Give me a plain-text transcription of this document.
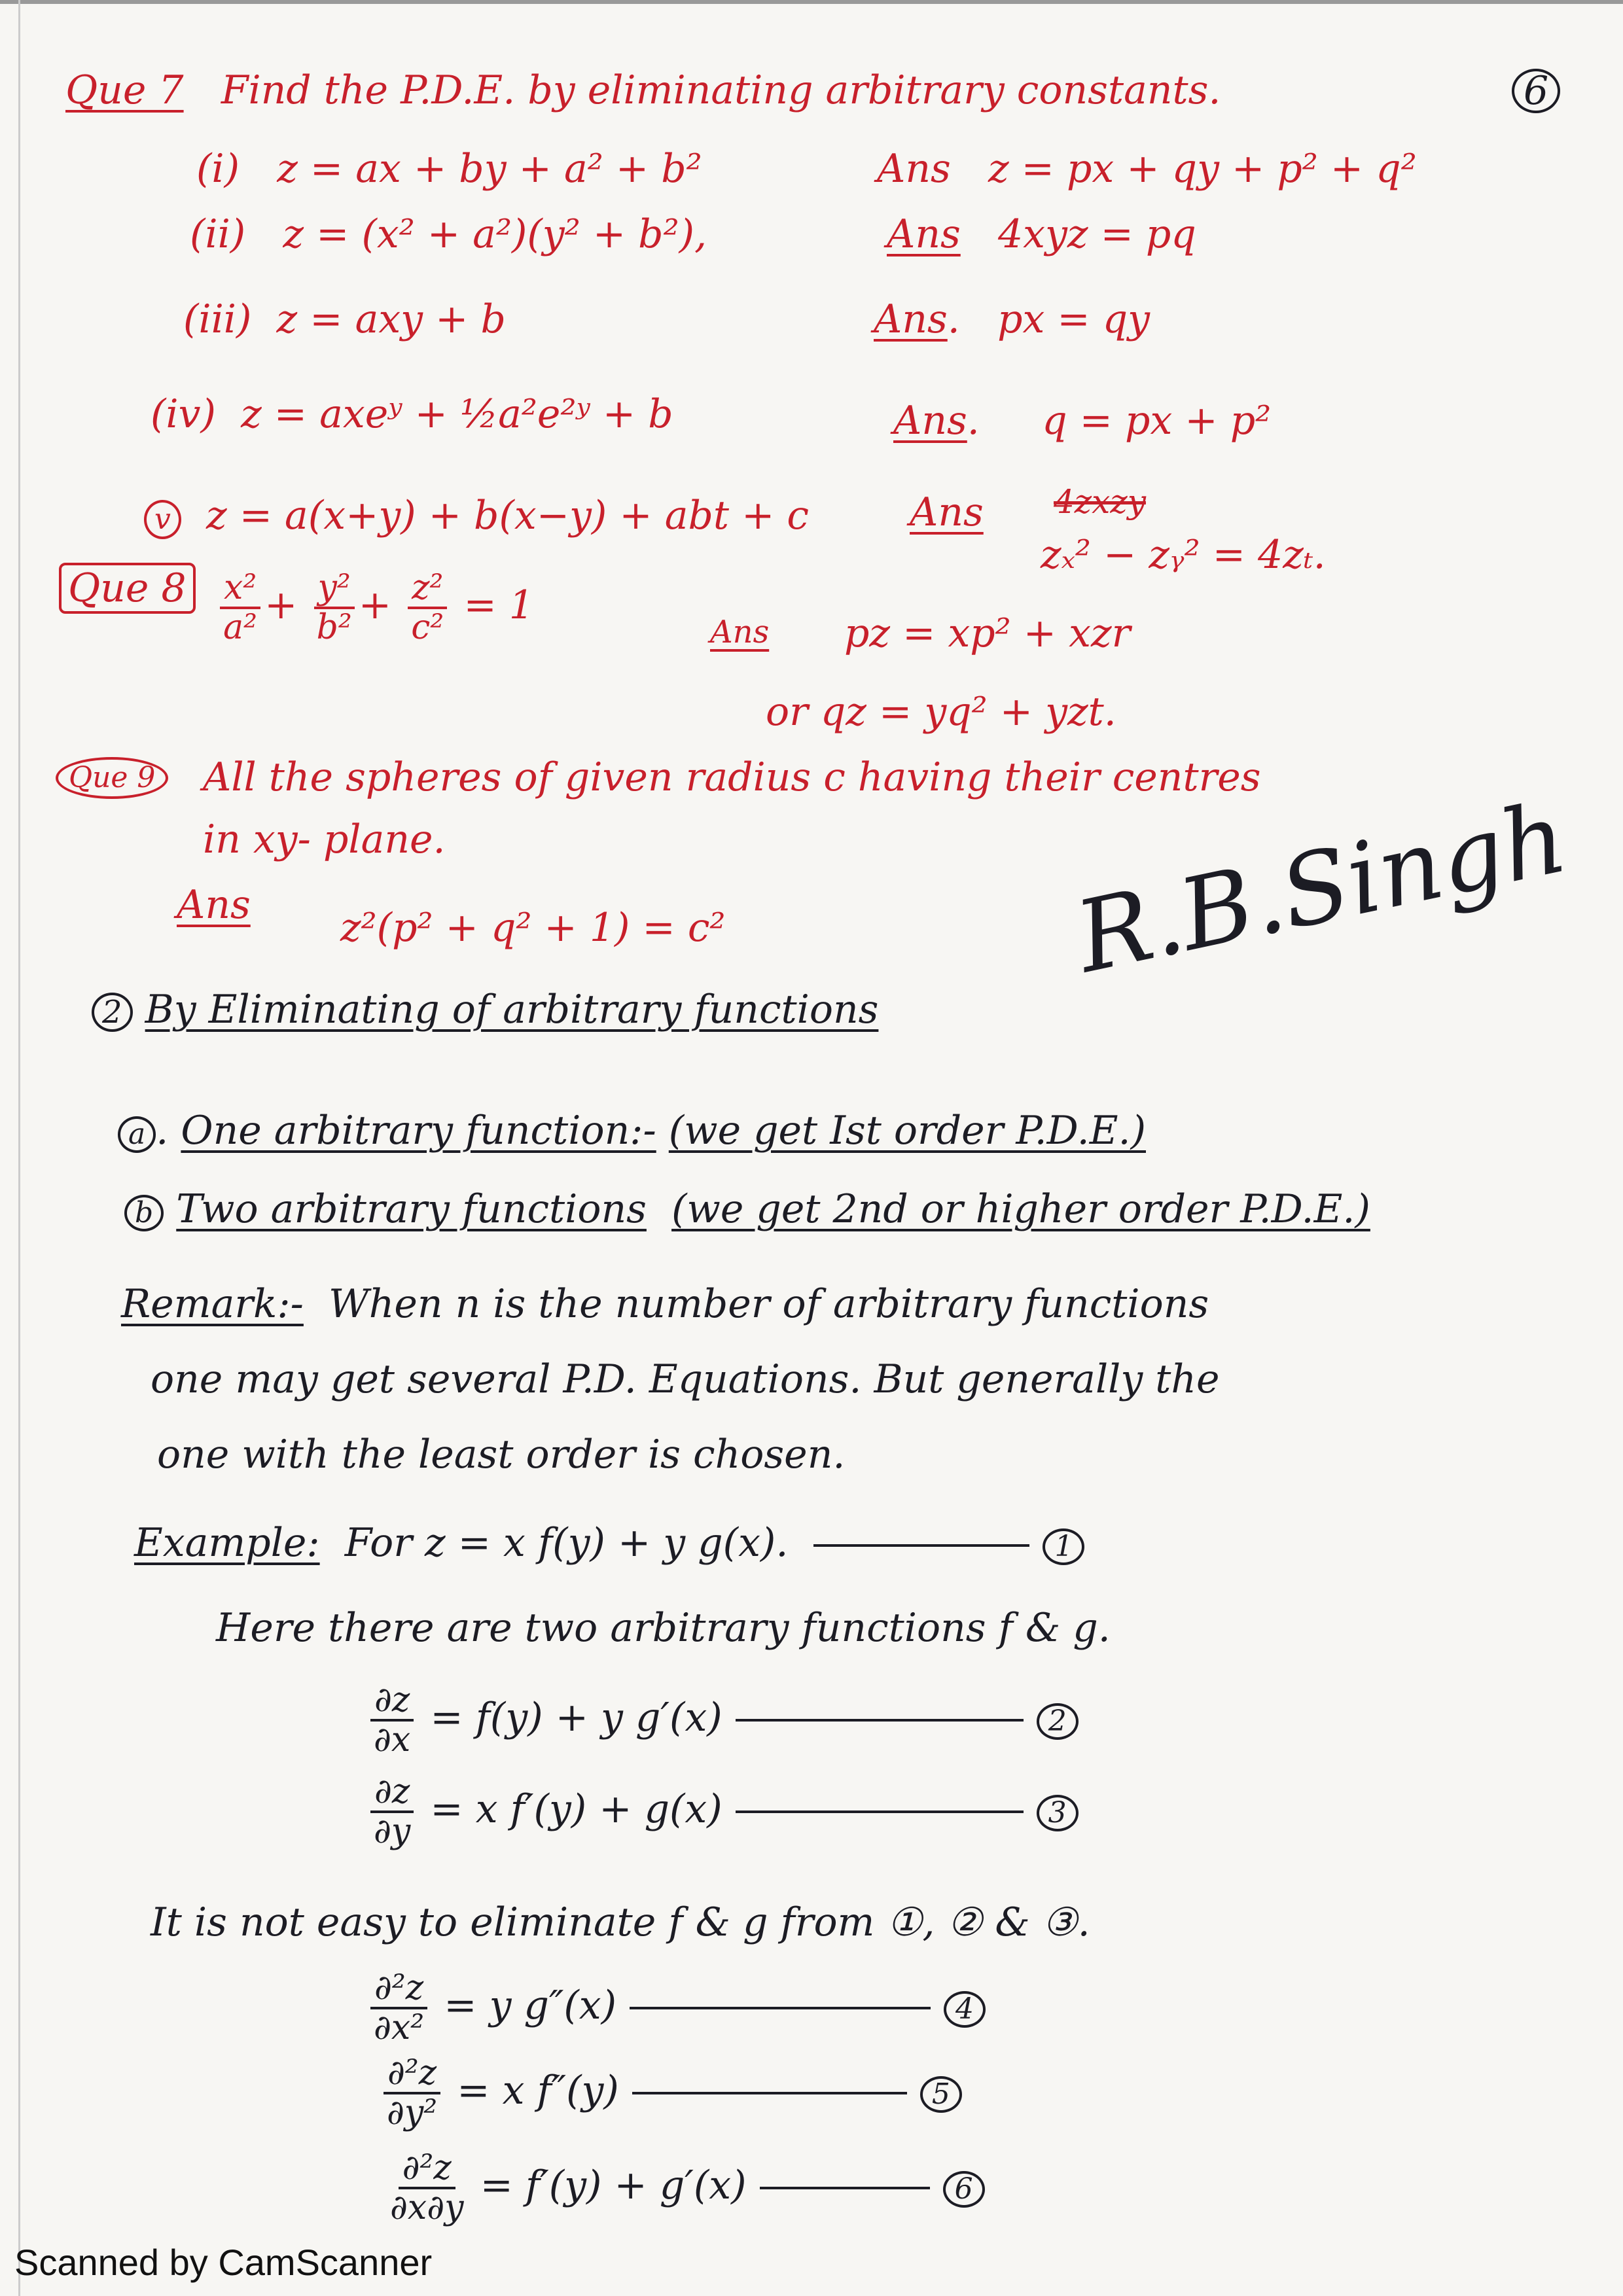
Que 7 Find the P.D.E. by eliminating arbitrary constants.	6
(i) z = ax + by + a² + b²	Ans z = px + qy + p² + q²
(ii) z = (x² + a²)(y² + b²),	Ans 4xyz = pq
(iii) z = axy + b	Ans.   px = qy
(iv) z = axeʸ + ½a²e²ʸ + b	Ans.     q = px + p²
v z = a(x+y) + b(x−y) + abt + c	Ans 4zxzy
zₓ² − zᵧ² = 4zₜ.
Que $8 \frac{\text{x²}}{\text{a²}} + \frac{\text{y²}}{\text{b²}} + \frac{\text{z²}}{\text{c²}} = 1$
Ans pz = xp² + xzr
or qz = yq² + yzt.
Que 9	All the spheres of given radius c having their centres
in xy- plane.
Ans z²(p² + q² + 1) = c²	R.B.Singh
2 By Eliminating of arbitrary functions
a . One arbitrary function:- (we get Ist order P.D.E.)
b Two arbitrary functions (we get 2nd or higher order P.D.E.)
Remark:- When n is the number of arbitrary functions
one may get several P.D. Equations. But generally the
one with the least order is chosen.
Example: For z = x f(y) + y g(x).	1
Here there are two arbitrary functions f & g.
$\frac{\partial z}{\partial x} = f(y) + y$ g′(x)	2
$\frac{\partial z}{\partial y} = x$ f′(y) + g(x)	3
It is not easy to eliminate f & g from ①, ② & ③.
$\frac{\text{∂²z}}{\text{∂x²}} = y$ g″(x)	4
$\frac{\text{∂²z}}{\text{∂y²}} = x$ f″(y)	5
$\frac{\text{∂²z}}{\partial x\partial y} = f'(y) + g'(x)$	6
Scanned by CamScanner
